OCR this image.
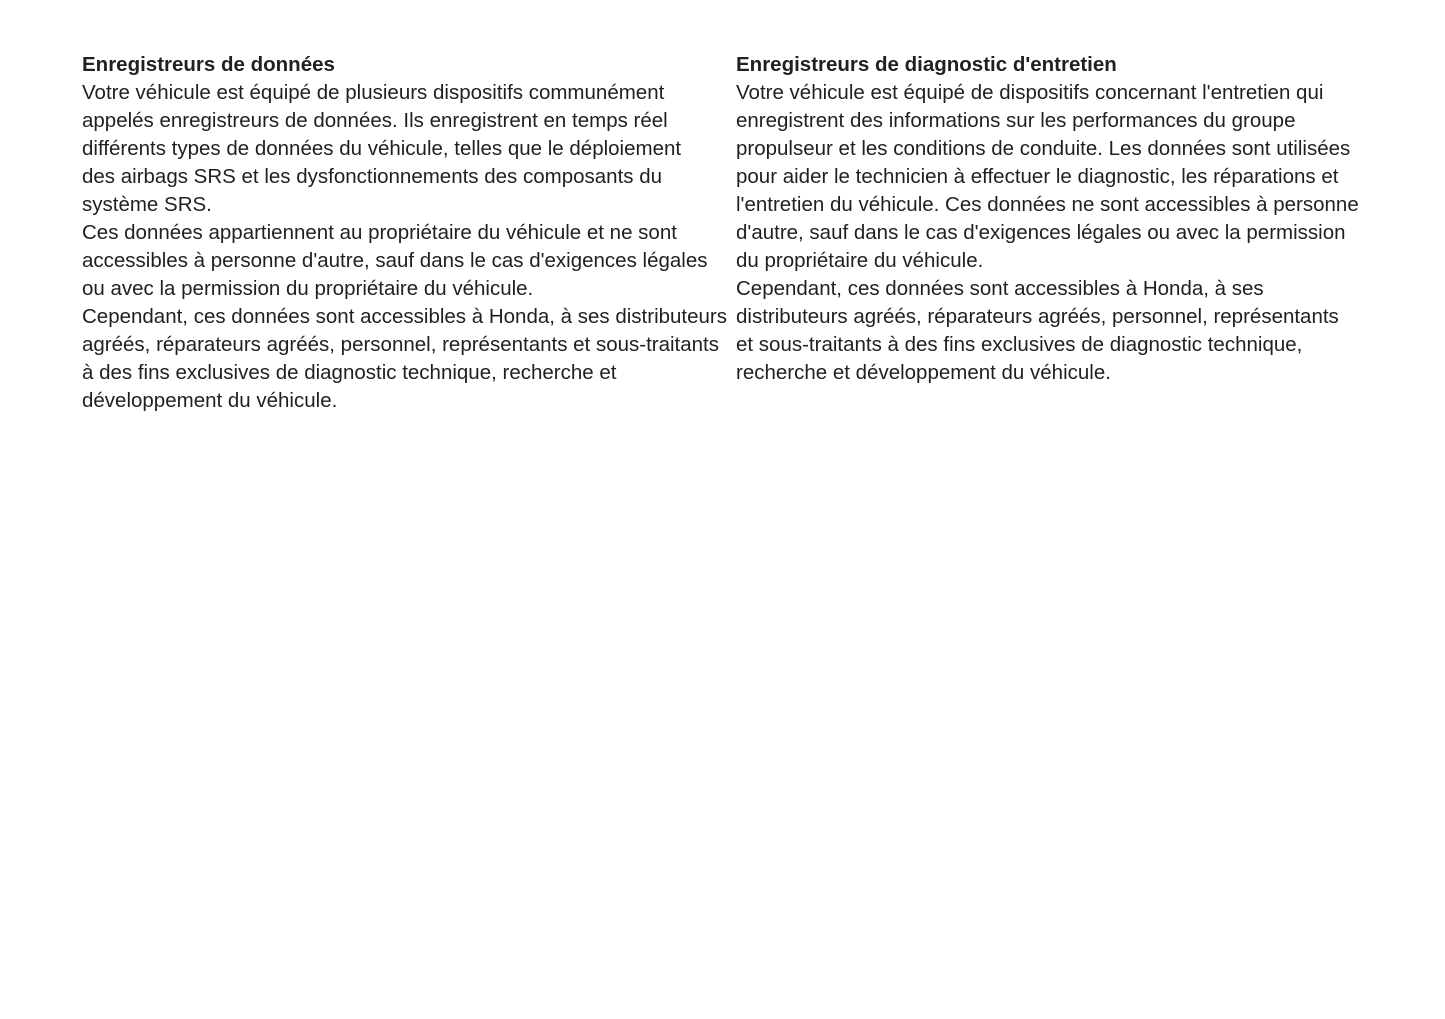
Enregistreurs de données

Votre véhicule est équipé de plusieurs dispositifs communément
appelés enregistreurs de données. Ils enregistrent en temps réel
différents types de données du véhicule, telles que le déploiement
des airbags SRS et les dysfonctionnements des composants du
système SRS.

Ces données appartiennent au propriétaire du véhicule et ne sont
accessibles à personne d'autre, sauf dans le cas d'exigences légales
ou avec la permission du propriétaire du véhicule.

Cependant, ces données sont accessibles à Honda, à ses distributeurs
agréés, réparateurs agréés, personnel, représentants et sous-traitants
à des fins exclusives de diagnostic technique, recherche et
développement du véhicule.

Enregistreurs de diagnostic d'entretien

Votre véhicule est équipé de dispositifs concernant l'entretien qui
enregistrent des informations sur les performances du groupe
propulseur et les conditions de conduite. Les données sont utilisées
pour aider le technicien à effectuer le diagnostic, les réparations et
l'entretien du véhicule. Ces données ne sont accessibles à personne
d'autre, sauf dans le cas d'exigences légales ou avec la permission
du propriétaire du véhicule.

Cependant, ces données sont accessibles à Honda, à ses
distributeurs agréés, réparateurs agréés, personnel, représentants
et sous-traitants à des fins exclusives de diagnostic technique,
recherche et développement du véhicule.
